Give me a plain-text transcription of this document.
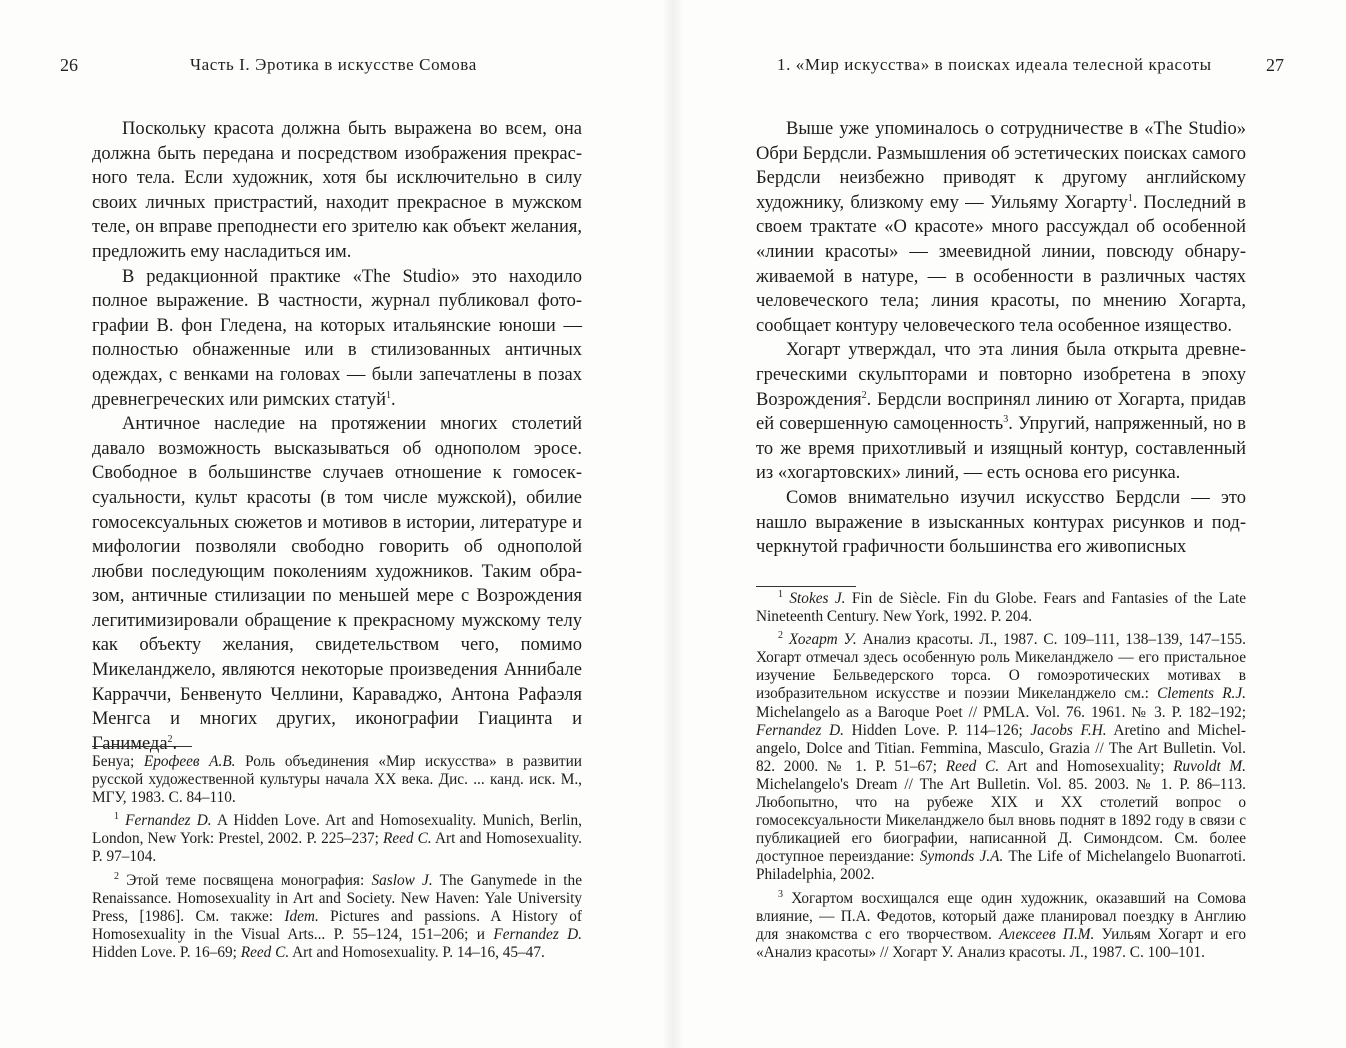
26	Часть I. Эротика в искусстве Сомова

Поскольку красота должна быть выражена во всем, она должна быть передана и посредством изображения прекрасного тела. Если художник, хотя бы исключительно в силу своих личных пристрастий, находит прекрасное в мужском теле, он вправе преподнести его зрителю как объект желания, предложить ему насладиться им.

В редакционной практике «The Studio» это находило полное выражение. В частности, журнал публиковал фотографии В. фон Гледена, на которых итальянские юноши — полностью обнаженные или в стилизованных античных одеждах, с венками на головах — были запечатлены в позах древнегреческих или римских статуй$^1$.

Античное наследие на протяжении многих столетий давало возможность высказываться об однополом эросе. Свободное в большинстве случаев отношение к гомосексуальности, культ красоты (в том числе мужской), обилие гомосексуальных сюжетов и мотивов в истории, литературе и мифологии позволяли свободно говорить об однополой любви последующим поколениям художников. Таким образом, античные стилизации по меньшей мере с Возрождения легитимизировали обращение к прекрасному мужскому телу как объекту желания, свидетельством чего, помимо Микеланджело, являются некоторые произведения Аннибале Карраччи, Бенвенуто Челлини, Караваджо, Антона Рафаэля Менгса и многих других, иконографии Гиацинта и Ганимеда$^2$.

Бенуа; Ерофеев А.В. Роль объединения «Мир искусства» в развитии русской художественной культуры начала XX века. Дис. ... канд. иск. М., МГУ, 1983. С. 84–110.

$^1$ Fernandez D. A Hidden Love. Art and Homosexuality. Munich, Berlin, London, New York: Prestel, 2002. P. 225–237; Reed C. Art and Homosexuality. P. 97–104.

$^2$ Этой теме посвящена монография: Saslow J. The Ganymede in the Renaissance. Homosexuality in Art and Society. New Haven: Yale University Press, [1986]. См. также: Idem. Pictures and passions. A History of Homosexuality in the Visual Arts... P. 55–124, 151–206; и Fernandez D. Hidden Love. P. 16–69; Reed C. Art and Homosexuality. P. 14–16, 45–47.

1. «Мир искусства» в поисках идеала телесной красоты	27

Выше уже упоминалось о сотрудничестве в «The Studio» Обри Бердсли. Размышления об эстетических поисках самого Бердсли неизбежно приводят к другому английскому художнику, близкому ему — Уильяму Хогарту$^1$. Последний в своем трактате «О красоте» много рассуждал об особенной «линии красоты» — змеевидной линии, повсюду обнаруживаемой в натуре, — в особенности в различных частях человеческого тела; линия красоты, по мнению Хогарта, сообщает контуру человеческого тела особенное изящество.

Хогарт утверждал, что эта линия была открыта древнегреческими скульпторами и повторно изобретена в эпоху Возрождения$^2$. Бердсли воспринял линию от Хогарта, придав ей совершенную самоценность$^3$. Упругий, напряженный, но в то же время прихотливый и изящный контур, составленный из «хогартовских» линий, — есть основа его рисунка.

Сомов внимательно изучил искусство Бердсли — это нашло выражение в изысканных контурах рисунков и подчеркнутой графичности большинства его живописных

$^1$ Stokes J. Fin de Siècle. Fin du Globe. Fears and Fantasies of the Late Nineteenth Century. New York, 1992. P. 204.

$^2$ Хогарт У. Анализ красоты. Л., 1987. С. 109–111, 138–139, 147–155. Хогарт отмечал здесь особенную роль Микеланджело — его пристальное изучение Бельведерского торса. О гомоэротических мотивах в изобразительном искусстве и поэзии Микеланджело см.: Clements R.J. Michelangelo as a Baroque Poet // PMLA. Vol. 76. 1961. № 3. P. 182–192; Fernandez D. Hidden Love. P. 114–126; Jacobs F.H. Aretino and Michelangelo, Dolce and Titian. Femmina, Masculo, Grazia // The Art Bulletin. Vol. 82. 2000. № 1. P. 51–67; Reed C. Art and Homosexuality; Ruvoldt M. Michelangelo's Dream // The Art Bulletin. Vol. 85. 2003. № 1. P. 86–113. Любопытно, что на рубеже XIX и XX столетий вопрос о гомосексуальности Микеланджело был вновь поднят в 1892 году в связи с публикацией его биографии, написанной Д. Симондсом. См. более доступное переиздание: Symonds J.A. The Life of Michelangelo Buonarroti. Philadelphia, 2002.

$^3$ Хогартом восхищался еще один художник, оказавший на Сомова влияние, — П.А. Федотов, который даже планировал поездку в Англию для знакомства с его творчеством. Алексеев П.М. Уильям Хогарт и его «Анализ красоты» // Хогарт У. Анализ красоты. Л., 1987. С. 100–101.
